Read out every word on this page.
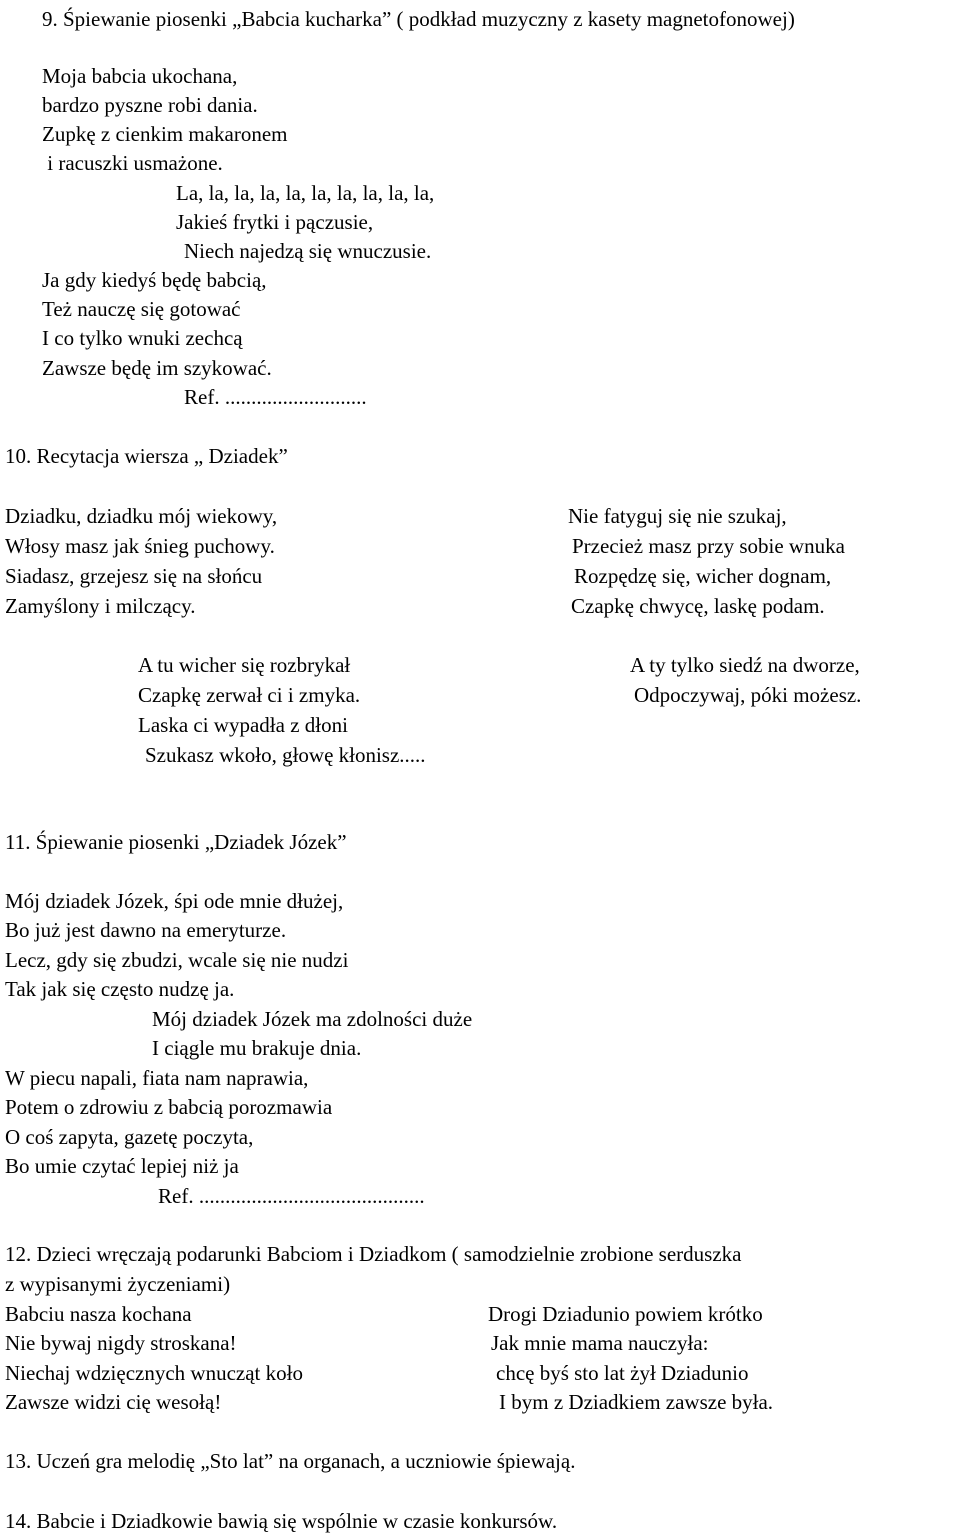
9. Śpiewanie piosenki „Babcia kucharka” ( podkład muzyczny z kasety magnetofonowej)
Moja babcia ukochana,
bardzo pyszne robi dania.
Zupkę z cienkim makaronem
i racuszki usmażone.
La, la, la, la, la, la, la, la, la, la,
Jakieś frytki i pączusie,
Niech najedzą się wnuczusie.
Ja gdy kiedyś będę babcią,
Też nauczę się gotować
I co tylko wnuki zechcą
Zawsze będę im szykować.
Ref. ...........................
10. Recytacja wiersza „ Dziadek”
Dziadku, dziadku mój wiekowy,
Włosy masz jak śnieg puchowy.
Siadasz, grzejesz się na słońcu
Zamyślony i milczący.
Nie fatyguj się nie szukaj,
Przecież masz przy sobie wnuka
Rozpędzę się, wicher dognam,
Czapkę chwycę, laskę podam.
A tu wicher się rozbrykał
Czapkę zerwał ci i zmyka.
Laska ci wypadła z dłoni
Szukasz wkoło, głowę kłonisz.....
A ty tylko siedź na dworze,
Odpoczywaj, póki możesz.
11. Śpiewanie piosenki „Dziadek Józek”
Mój dziadek Józek, śpi ode mnie dłużej,
Bo już jest dawno na emeryturze.
Lecz, gdy się zbudzi, wcale się nie nudzi
Tak jak się często nudzę ja.
Mój dziadek Józek ma zdolności duże
I ciągle mu brakuje dnia.
W piecu napali, fiata nam naprawia,
Potem o zdrowiu z babcią porozmawia
O coś zapyta, gazetę poczyta,
Bo umie czytać lepiej niż ja
Ref. ...........................................
12. Dzieci wręczają podarunki Babciom i Dziadkom ( samodzielnie zrobione serduszka
z wypisanymi życzeniami)
Babciu nasza kochana
Nie bywaj nigdy stroskana!
Niechaj wdzięcznych wnucząt koło
Zawsze widzi cię wesołą!
Drogi Dziadunio powiem krótko
Jak mnie mama nauczyła:
chcę byś sto lat żył Dziadunio
I bym z Dziadkiem zawsze była.
13. Uczeń gra melodię „Sto lat” na organach, a uczniowie śpiewają.
14. Babcie i Dziadkowie bawią się wspólnie w czasie konkursów.
